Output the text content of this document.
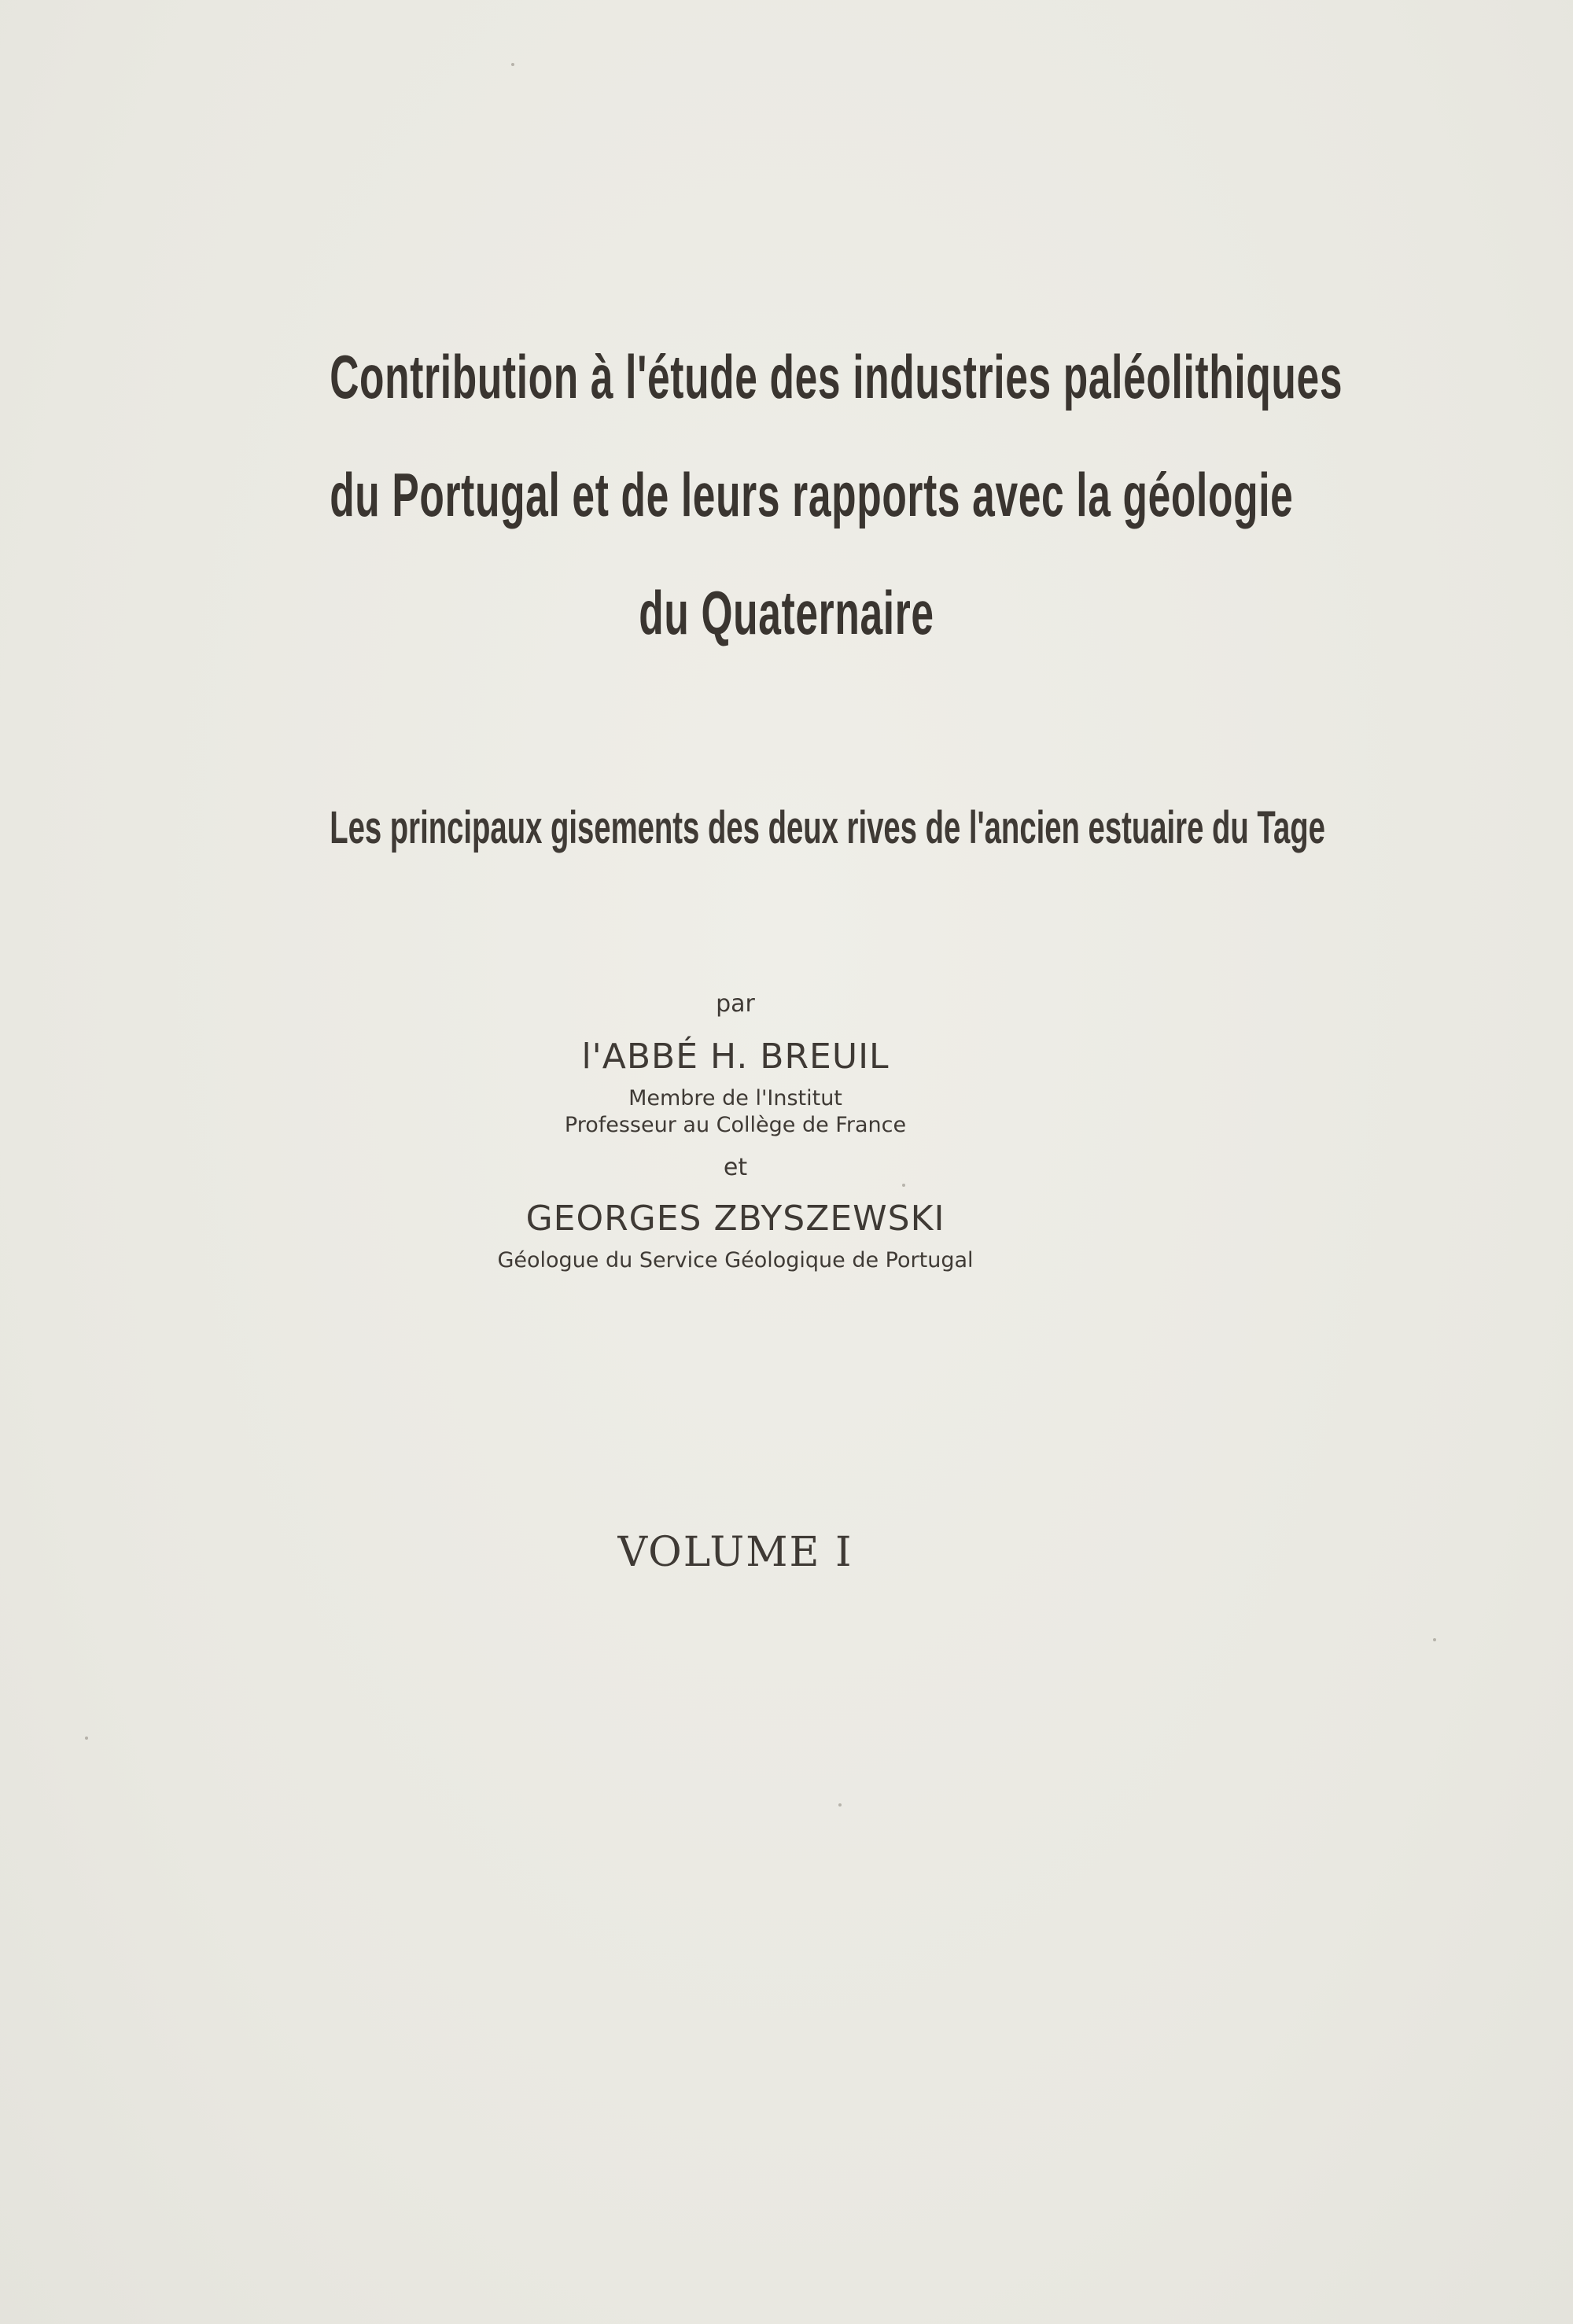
Contribution à l'étude des industries paléolithiques
du Portugal et de leurs rapports avec la géologie
du Quaternaire
Les principaux gisements des deux rives de l'ancien estuaire du Tage
par
l'ABBÉ H. BREUIL
Membre de l'Institut
Professeur au Collège de France
et
GEORGES ZBYSZEWSKI
Géologue du Service Géologique de Portugal
VOLUME I
